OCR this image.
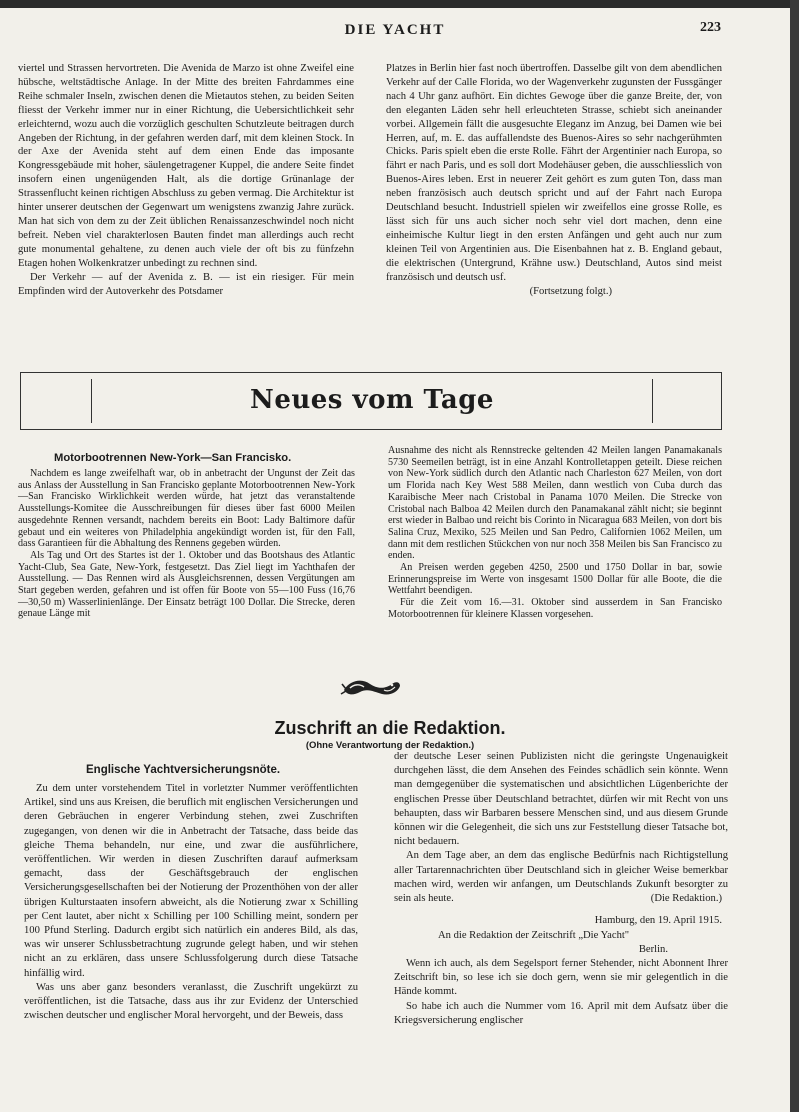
DIE YACHT	223

viertel und Strassen hervortreten. Die Avenida de Marzo ist ohne Zweifel eine hübsche, weltstädtische Anlage. In der Mitte des breiten Fahrdammes eine Reihe schmaler Inseln, zwischen denen die Mietautos stehen, zu beiden Seiten fliesst der Verkehr immer nur in einer Richtung, die Uebersichtlichkeit sehr erleichternd, wozu auch die vorzüglich geschulten Schutzleute beitragen durch Angeben der Richtung, in der gefahren werden darf, mit dem kleinen Stock. In der Axe der Avenida steht auf dem einen Ende das imposante Kongressgebäude mit hoher, säulengetragener Kuppel, die andere Seite findet insofern einen ungenügenden Halt, als die dortige Grünanlage der Strassenflucht keinen richtigen Abschluss zu geben vermag. Die Architektur ist hinter unserer deutschen der Gegenwart um wenigstens zwanzig Jahre zurück. Man hat sich von dem zu der Zeit üblichen Renaissanzeschwindel noch nicht befreit. Neben viel charakterlosen Bauten findet man allerdings auch recht gute monumental gehaltene, zu denen auch viele der oft bis zu fünfzehn Etagen hohen Wolkenkratzer unbedingt zu rechnen sind.

Der Verkehr — auf der Avenida z. B. — ist ein riesiger. Für mein Empfinden wird der Autoverkehr des Potsdamer

Platzes in Berlin hier fast noch übertroffen. Dasselbe gilt von dem abendlichen Verkehr auf der Calle Florida, wo der Wagenverkehr zugunsten der Fussgänger nach 4 Uhr ganz aufhört. Ein dichtes Gewoge über die ganze Breite, der, von den eleganten Läden sehr hell erleuchteten Strasse, schiebt sich aneinander vorbei. Allgemein fällt die ausgesuchte Eleganz im Anzug, bei Damen wie bei Herren, auf, m. E. das auffallendste des Buenos-Aires so sehr nachgerühmten Chicks. Paris spielt eben die erste Rolle. Fährt der Argentinier nach Europa, so fährt er nach Paris, und es soll dort Modehäuser geben, die ausschliesslich von Buenos-Aires leben. Erst in neuerer Zeit gehört es zum guten Ton, dass man neben französisch auch deutsch spricht und auf der Fahrt nach Europa Deutschland besucht. Industriell spielen wir zweifellos eine grosse Rolle, es lässt sich für uns auch sicher noch sehr viel dort machen, denn eine einheimische Kultur liegt in den ersten Anfängen und geht auch nur zum kleinen Teil von Argentinien aus. Die Eisenbahnen hat z. B. England gebaut, die elektrischen (Untergrund, Krähne usw.) Deutschland, Autos sind meist französisch und deutsch usf.

(Fortsetzung folgt.)

Neues vom Tage
Motorbootrennen New-York—San Francisko.

Nachdem es lange zweifelhaft war, ob in anbetracht der Ungunst der Zeit das aus Anlass der Ausstellung in San Francisko geplante Motorbootrennen New-York—San Francisko Wirklichkeit werden würde, hat jetzt das veranstaltende Ausstellungs-Komitee die Ausschreibungen für dieses über fast 6000 Meilen ausgedehnte Rennen versandt, nachdem bereits ein Boot: Lady Baltimore dafür gebaut und ein weiteres von Philadelphia angekündigt worden ist, für den Fall, dass Garantieen für die Abhaltung des Rennens gegeben würden.

Als Tag und Ort des Startes ist der 1. Oktober und das Bootshaus des Atlantic Yacht-Club, Sea Gate, New-York, festgesetzt. Das Ziel liegt im Yachthafen der Ausstellung. — Das Rennen wird als Ausgleichsrennen, dessen Vergütungen am Start gegeben werden, gefahren und ist offen für Boote von 55—100 Fuss (16,76—30,50 m) Wasserlinienlänge. Der Einsatz beträgt 100 Dollar. Die Strecke, deren genaue Länge mit

Ausnahme des nicht als Rennstrecke geltenden 42 Meilen langen Panamakanals 5730 Seemeilen beträgt, ist in eine Anzahl Kontrolletappen geteilt. Diese reichen von New-York südlich durch den Atlantic nach Charleston 627 Meilen, von dort um Florida nach Key West 588 Meilen, dann westlich von Cuba durch das Karaibische Meer nach Cristobal in Panama 1070 Meilen. Die Strecke von Cristobal nach Balboa 42 Meilen durch den Panamakanal zählt nicht; sie beginnt erst wieder in Balbao und reicht bis Corinto in Nicaragua 683 Meilen, von dort bis Salina Cruz, Mexiko, 525 Meilen und San Pedro, Californien 1062 Meilen, um dann mit dem restlichen Stückchen von nur noch 358 Meilen bis San Francisco zu enden.

An Preisen werden gegeben 4250, 2500 und 1750 Dollar in bar, sowie Erinnerungspreise im Werte von insgesamt 1500 Dollar für alle Boote, die die Wettfahrt beendigen.

Für die Zeit vom 16.—31. Oktober sind ausserdem in San Francisko Motorbootrennen für kleinere Klassen vorgesehen.

Zuschrift an die Redaktion.
(Ohne Verantwortung der Redaktion.)
Englische Yachtversicherungsnöte.

Zu dem unter vorstehendem Titel in vorletzter Nummer veröffentlichten Artikel, sind uns aus Kreisen, die beruflich mit englischen Versicherungen und deren Gebräuchen in engerer Verbindung stehen, zwei Zuschriften zugegangen, von denen wir die in Anbetracht der Tatsache, dass beide das gleiche Thema behandeln, nur eine, und zwar die ausführlichere, veröffentlichen. Wir werden in diesen Zuschriften darauf aufmerksam gemacht, dass der Geschäftsgebrauch der englischen Versicherungsgesellschaften bei der Notierung der Prozenthöhen von der aller übrigen Kulturstaaten insofern abweicht, als die Notierung zwar x Schilling per Cent lautet, aber nicht x Schilling per 100 Schilling meint, sondern per 100 Pfund Sterling. Dadurch ergibt sich natürlich ein anderes Bild, als das, was wir unserer Schlussbetrachtung zugrunde gelegt haben, und wir stehen nicht an zu erklären, dass unsere Schlussfolgerung durch diese Tatsache hinfällig wird.

Was uns aber ganz besonders veranlasst, die Zuschrift ungekürzt zu veröffentlichen, ist die Tatsache, dass aus ihr zur Evidenz der Unterschied zwischen deutscher und englischer Moral hervorgeht, und der Beweis, dass

der deutsche Leser seinen Publizisten nicht die geringste Ungenauigkeit durchgehen lässt, die dem Ansehen des Feindes schädlich sein könnte. Wenn man demgegenüber die systematischen und absichtlichen Lügenberichte der englischen Presse über Deutschland betrachtet, dürfen wir mit Recht von uns behaupten, dass wir Barbaren bessere Menschen sind, und aus diesem Grunde können wir die Gelegenheit, die sich uns zur Feststellung dieser Tatsache bot, nicht bedauern.

An dem Tage aber, an dem das englische Bedürfnis nach Richtigstellung aller Tartarennachrichten über Deutschland sich in gleicher Weise bemerkbar machen wird, werden wir anfangen, um Deutschlands Zukunft besorgter zu sein als heute.	(Die Redaktion.)

Hamburg, den 19. April 1915.

An die Redaktion der Zeitschrift „Die Yacht"

Berlin.

Wenn ich auch, als dem Segelsport ferner Stehender, nicht Abonnent Ihrer Zeitschrift bin, so lese ich sie doch gern, wenn sie mir gelegentlich in die Hände kommt.

So habe ich auch die Nummer vom 16. April mit dem Aufsatz über die Kriegsversicherung englischer
